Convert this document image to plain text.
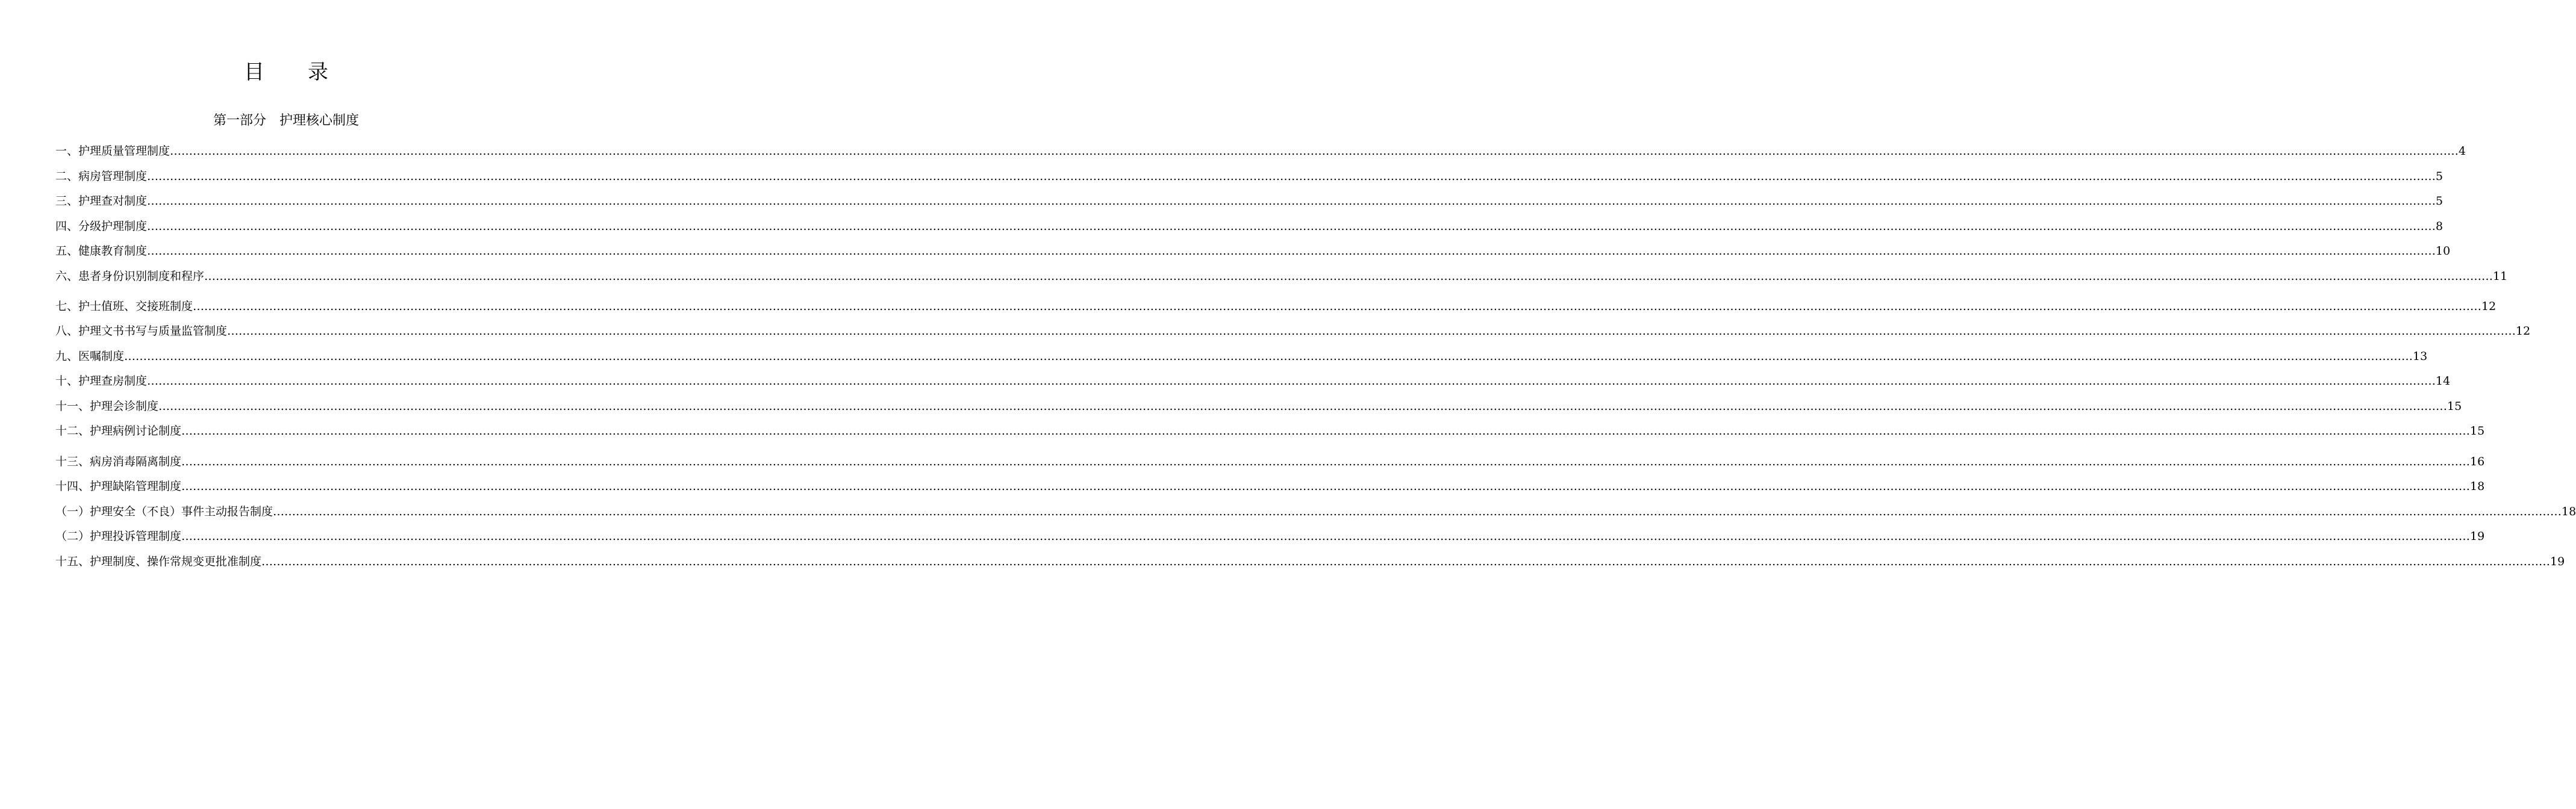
目 录
第一部分　护理核心制度
一、护理质量管理制度 …………………………………………………………………………………………………………………………………………………………………………………………………………………………………………………………………………………………………………………………………………………………………………………………………………………………………………………………………………………………………………………………………………………… 4
二、病房管理制度 …………………………………………………………………………………………………………………………………………………………………………………………………………………………………………………………………………………………………………………………………………………………………………………………………………………………………………………………………………………………………………………………………………………… 5
三、护理查对制度 …………………………………………………………………………………………………………………………………………………………………………………………………………………………………………………………………………………………………………………………………………………………………………………………………………………………………………………………………………………………………………………………………………………… 5
四、分级护理制度 …………………………………………………………………………………………………………………………………………………………………………………………………………………………………………………………………………………………………………………………………………………………………………………………………………………………………………………………………………………………………………………………………………………… 8
五、健康教育制度 …………………………………………………………………………………………………………………………………………………………………………………………………………………………………………………………………………………………………………………………………………………………………………………………………………………………………………………………………………………………………………………………………………………… 10
六、患者身份识别制度和程序 …………………………………………………………………………………………………………………………………………………………………………………………………………………………………………………………………………………………………………………………………………………………………………………………………………………………………………………………………………………………………………………………………………………… 11
七、护士值班、交接班制度 …………………………………………………………………………………………………………………………………………………………………………………………………………………………………………………………………………………………………………………………………………………………………………………………………………………………………………………………………………………………………………………………………………………… 12
八、护理文书书写与质量监管制度 …………………………………………………………………………………………………………………………………………………………………………………………………………………………………………………………………………………………………………………………………………………………………………………………………………………………………………………………………………………………………………………………………………………… 12
九、医嘱制度 …………………………………………………………………………………………………………………………………………………………………………………………………………………………………………………………………………………………………………………………………………………………………………………………………………………………………………………………………………………………………………………………………………………… 13
十、护理查房制度 …………………………………………………………………………………………………………………………………………………………………………………………………………………………………………………………………………………………………………………………………………………………………………………………………………………………………………………………………………………………………………………………………………………… 14
十一、护理会诊制度 …………………………………………………………………………………………………………………………………………………………………………………………………………………………………………………………………………………………………………………………………………………………………………………………………………………………………………………………………………………………………………………………………………………… 15
十二、护理病例讨论制度 …………………………………………………………………………………………………………………………………………………………………………………………………………………………………………………………………………………………………………………………………………………………………………………………………………………………………………………………………………………………………………………………………………………… 15
十三、病房消毒隔离制度 …………………………………………………………………………………………………………………………………………………………………………………………………………………………………………………………………………………………………………………………………………………………………………………………………………………………………………………………………………………………………………………………………………………… 16
十四、护理缺陷管理制度 …………………………………………………………………………………………………………………………………………………………………………………………………………………………………………………………………………………………………………………………………………………………………………………………………………………………………………………………………………………………………………………………………………………… 18
（一）护理安全（不良）事件主动报告制度 …………………………………………………………………………………………………………………………………………………………………………………………………………………………………………………………………………………………………………………………………………………………………………………………………………………………………………………………………………………………………………………………………………………… 18
（二）护理投诉管理制度 …………………………………………………………………………………………………………………………………………………………………………………………………………………………………………………………………………………………………………………………………………………………………………………………………………………………………………………………………………………………………………………………………………………… 19
十五、护理制度、操作常规变更批准制度 …………………………………………………………………………………………………………………………………………………………………………………………………………………………………………………………………………………………………………………………………………………………………………………………………………………………………………………………………………………………………………………………………………………… 19
